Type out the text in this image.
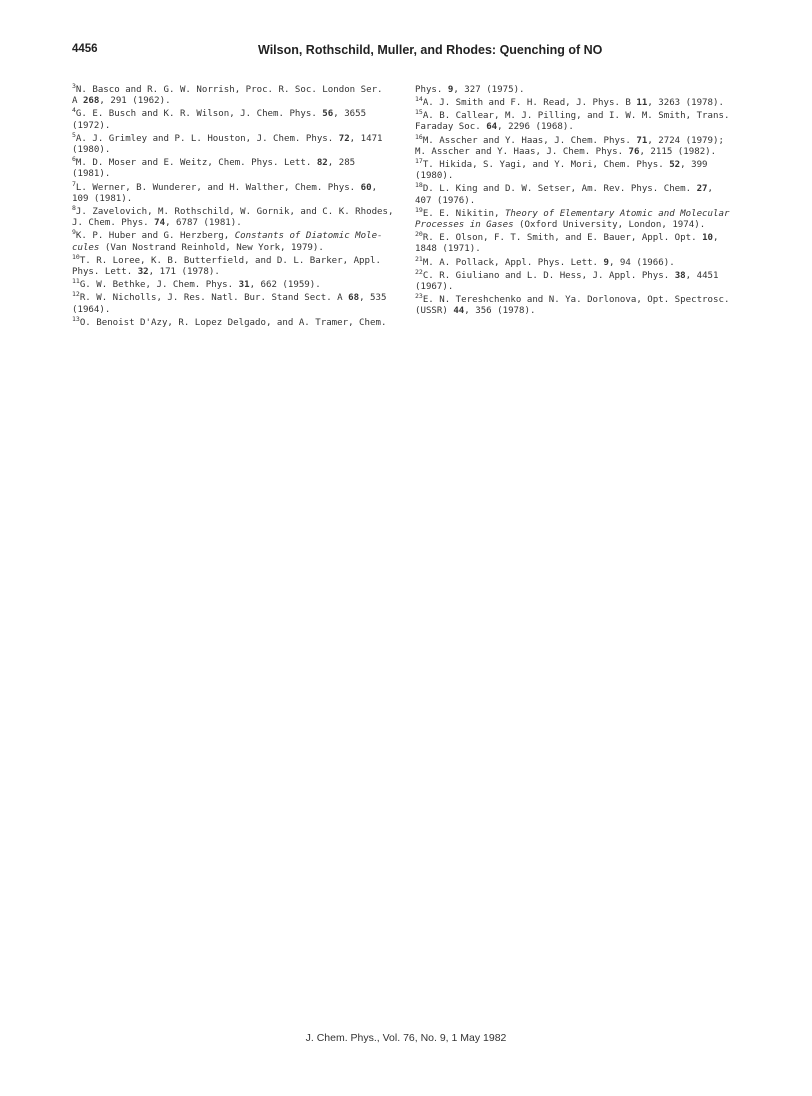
4456	Wilson, Rothschild, Muller, and Rhodes: Quenching of NO
$^3$N. Basco and R. G. W. Norrish, Proc. R. Soc. London Ser.
A 268, 291 (1962).
$^4$G. E. Busch and K. R. Wilson, J. Chem. Phys. 56, 3655
(1972).
$^5$A. J. Grimley and P. L. Houston, J. Chem. Phys. 72, 1471
(1980).
$^6$M. D. Moser and E. Weitz, Chem. Phys. Lett. 82, 285
(1981).
$^7$L. Werner, B. Wunderer, and H. Walther, Chem. Phys. 60,
109 (1981).
$^8$J. Zavelovich, M. Rothschild, W. Gornik, and C. K. Rhodes,
J. Chem. Phys. 74, 6787 (1981).
$^9$K. P. Huber and G. Herzberg, Constants of Diatomic Mole-
cules (Van Nostrand Reinhold, New York, 1979).
$^{10}$T. R. Loree, K. B. Butterfield, and D. L. Barker, Appl.
Phys. Lett. 32, 171 (1978).
$^{11}$G. W. Bethke, J. Chem. Phys. 31, 662 (1959).
$^{12}$R. W. Nicholls, J. Res. Natl. Bur. Stand Sect. A 68, 535
(1964).
$^{13}$O. Benoist D'Azy, R. Lopez Delgado, and A. Tramer, Chem.
Phys. 9, 327 (1975).
$^{14}$A. J. Smith and F. H. Read, J. Phys. B 11, 3263 (1978).
$^{15}$A. B. Callear, M. J. Pilling, and I. W. M. Smith, Trans.
Faraday Soc. 64, 2296 (1968).
$^{16}$M. Asscher and Y. Haas, J. Chem. Phys. 71, 2724 (1979);
M. Asscher and Y. Haas, J. Chem. Phys. 76, 2115 (1982).
$^{17}$T. Hikida, S. Yagi, and Y. Mori, Chem. Phys. 52, 399
(1980).
$^{18}$D. L. King and D. W. Setser, Am. Rev. Phys. Chem. 27,
407 (1976).
$^{19}$E. E. Nikitin, Theory of Elementary Atomic and Molecular
Processes in Gases (Oxford University, London, 1974).
$^{20}$R. E. Olson, F. T. Smith, and E. Bauer, Appl. Opt. 10,
1848 (1971).
$^{21}$M. A. Pollack, Appl. Phys. Lett. 9, 94 (1966).
$^{22}$C. R. Giuliano and L. D. Hess, J. Appl. Phys. 38, 4451
(1967).
$^{23}$E. N. Tereshchenko and N. Ya. Dorlonova, Opt. Spectrosc.
(USSR) 44, 356 (1978).
J. Chem. Phys., Vol. 76, No. 9, 1 May 1982
